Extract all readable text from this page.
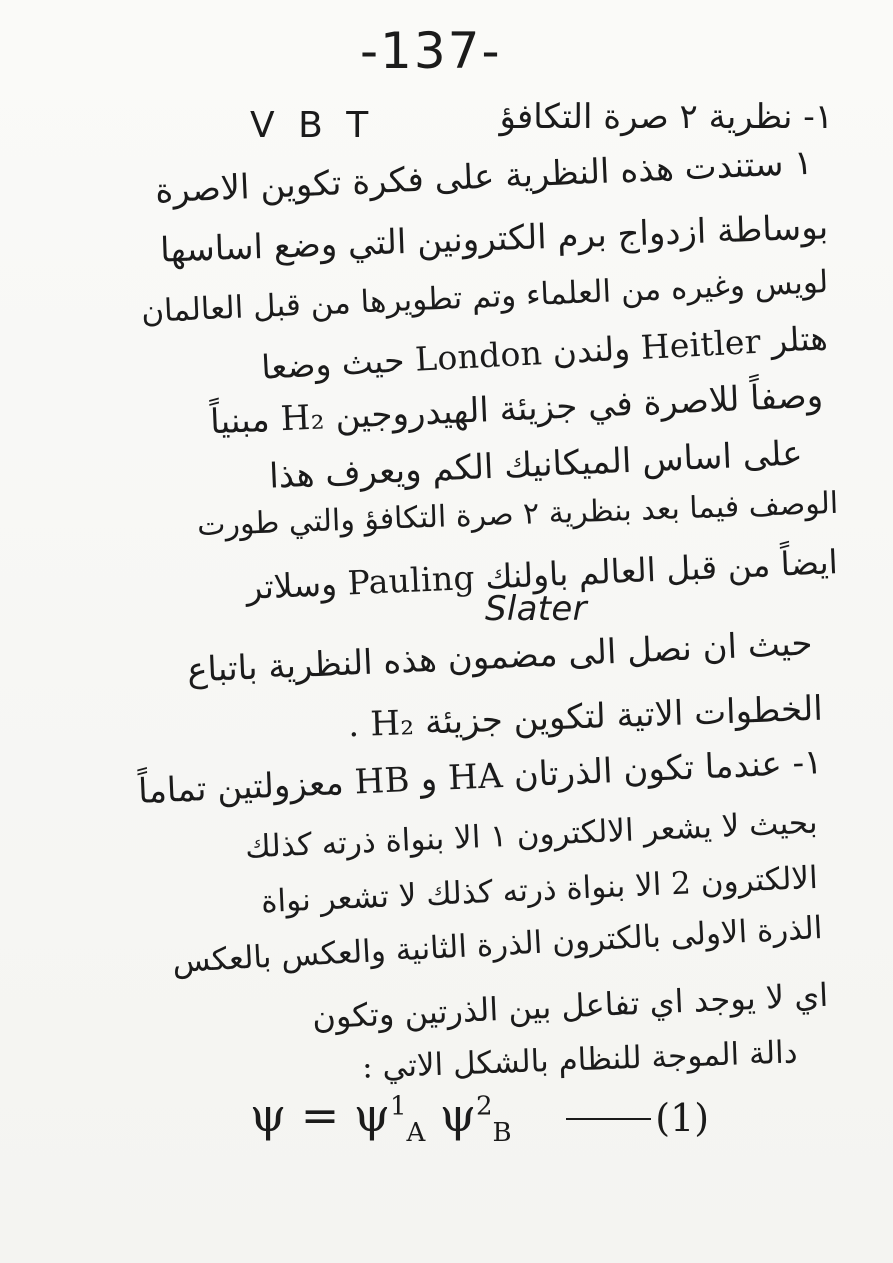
-137-
١- نظرية ٢ صرة التكافؤ
V B T
١ ستندت هذه النظرية على فكرة تكوين الاصرة
بوساطة ازدواج برم الكترونين التي وضع اساسها
لويس وغيره من العلماء وتم تطويرها من قبل العالمان
هتلر Heitler ولندن London حيث وضعا
وصفاً للاصرة في جزيئة الهيدروجين H₂ مبنياً
على اساس الميكانيك الكم ويعرف هذا
الوصف فيما بعد بنظرية ٢ صرة التكافؤ والتي طورت
ايضاً من قبل العالم باولنك Pauling وسلاتر
Slater
حيث ان نصل الى مضمون هذه النظرية باتباع
الخطوات الاتية لتكوين جزيئة H₂ .
١- عندما تكون الذرتان HA و HB معزولتين تماماً
بحيث لا يشعر الالكترون ١ الا بنواة ذرته كذلك
الالكترون 2 الا بنواة ذرته كذلك لا تشعر نواة
الذرة الاولى بالكترون الذرة الثانية والعكس بالعكس
اي لا يوجد اي تفاعل بين الذرتين وتكون
دالة الموجة للنظام بالشكل الاتي :
$\psi = \psi^1_A$ $\psi^2_B$	(1)
